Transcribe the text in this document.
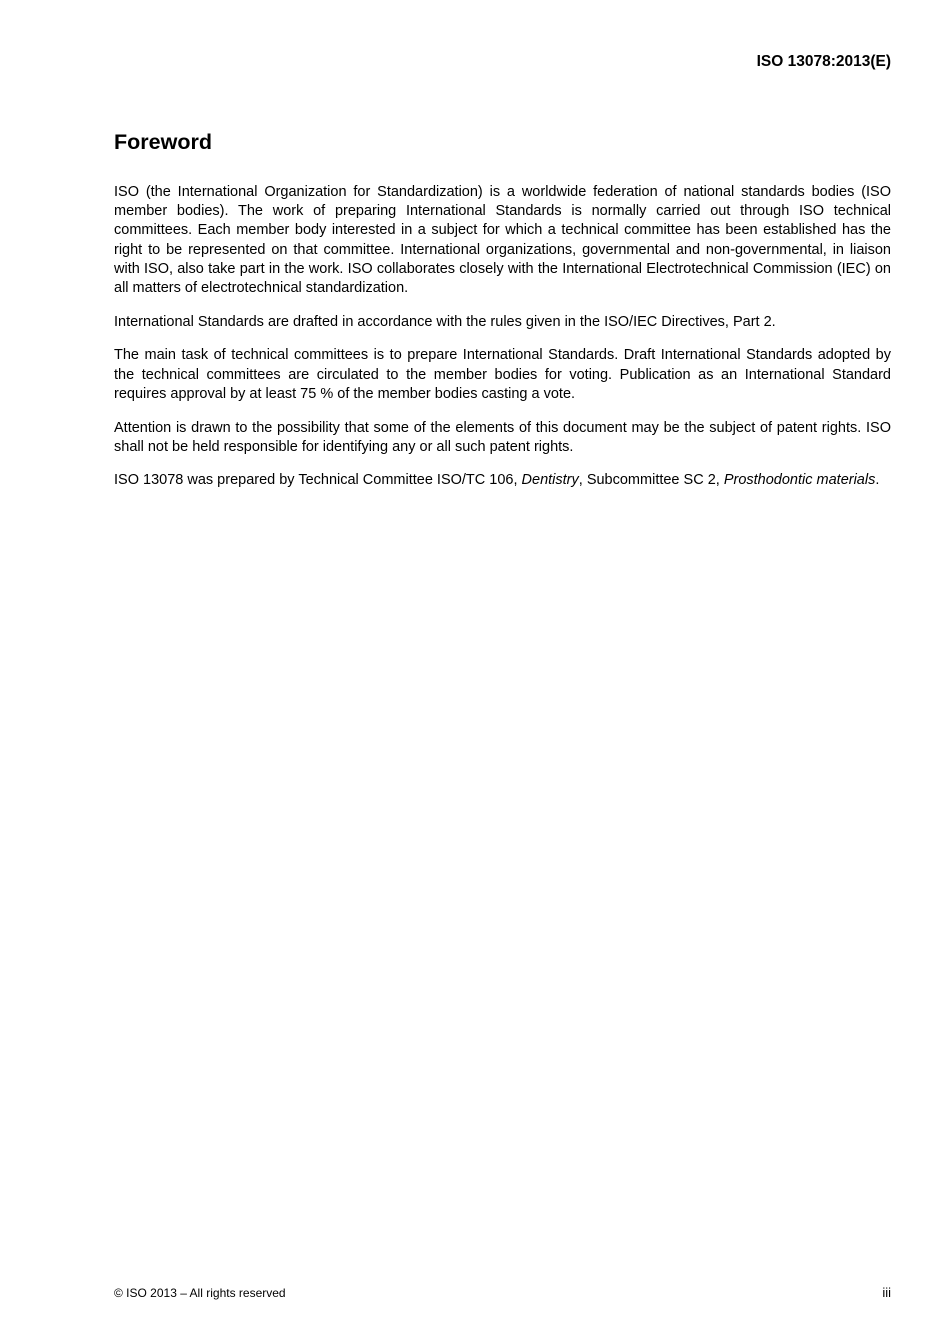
ISO 13078:2013(E)

Foreword

ISO (the International Organization for Standardization) is a worldwide federation of national standards bodies (ISO member bodies). The work of preparing International Standards is normally carried out through ISO technical committees. Each member body interested in a subject for which a technical committee has been established has the right to be represented on that committee. International organizations, governmental and non-governmental, in liaison with ISO, also take part in the work. ISO collaborates closely with the International Electrotechnical Commission (IEC) on all matters of electrotechnical standardization.

International Standards are drafted in accordance with the rules given in the ISO/IEC Directives, Part 2.

The main task of technical committees is to prepare International Standards. Draft International Standards adopted by the technical committees are circulated to the member bodies for voting. Publication as an International Standard requires approval by at least 75 % of the member bodies casting a vote.

Attention is drawn to the possibility that some of the elements of this document may be the subject of patent rights. ISO shall not be held responsible for identifying any or all such patent rights.

ISO 13078 was prepared by Technical Committee ISO/TC 106, Dentistry, Subcommittee SC 2, Prosthodontic materials.

© ISO 2013 – All rights reserved	iii
